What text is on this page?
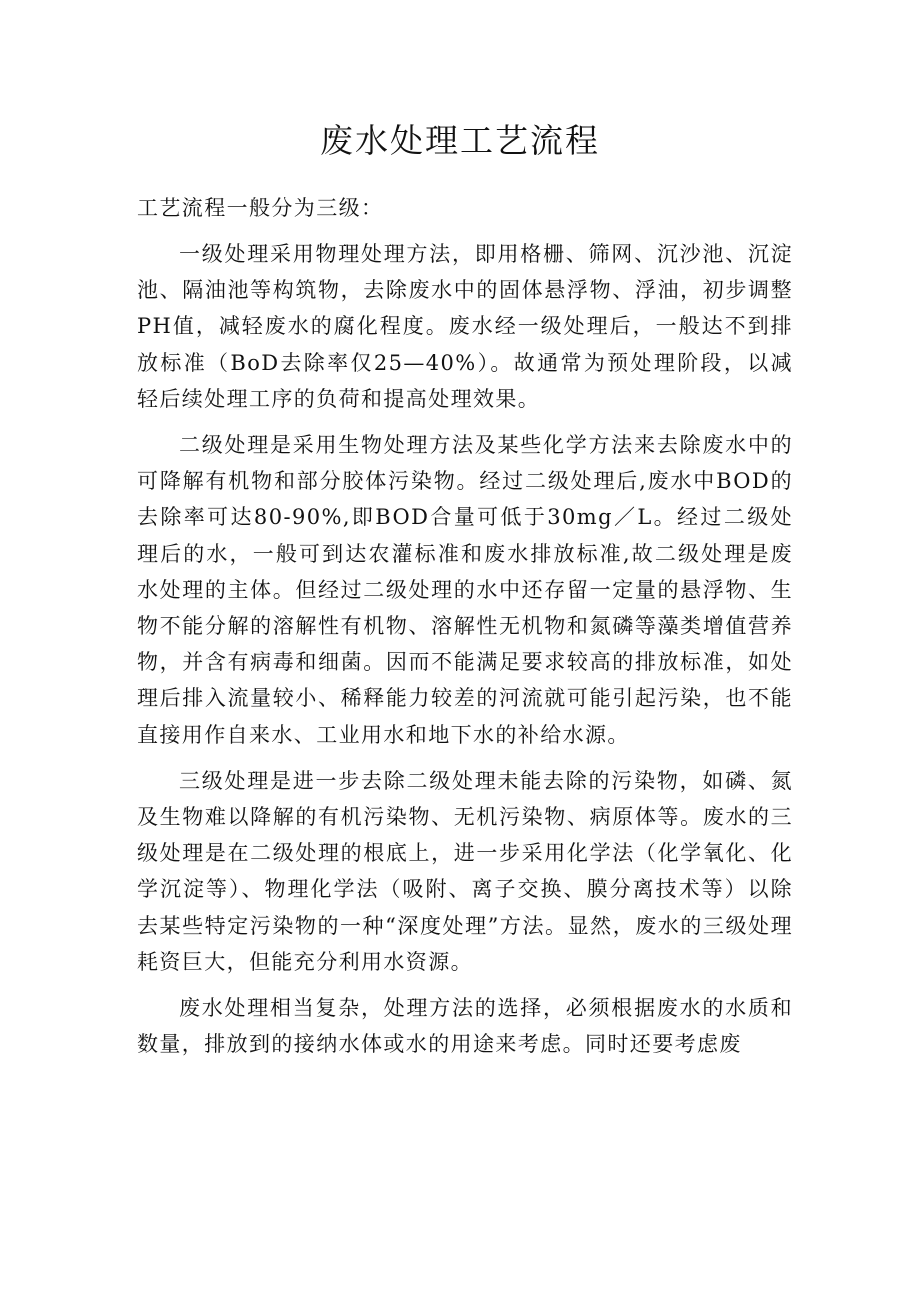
废水处理工艺流程

工艺流程一般分为三级：

一级处理采用物理处理方法，即用格栅、筛网、沉沙池、沉淀池、隔油池等构筑物，去除废水中的固体悬浮物、浮油，初步调整PH值，减轻废水的腐化程度。废水经一级处理后，一般达不到排放标准（BoD去除率仅25—40%）。故通常为预处理阶段，以减轻后续处理工序的负荷和提高处理效果。

二级处理是采用生物处理方法及某些化学方法来去除废水中的可降解有机物和部分胶体污染物。经过二级处理后,废水中BOD的去除率可达80-90%,即BOD合量可低于30mg／L。经过二级处理后的水，一般可到达农灌标准和废水排放标准,故二级处理是废水处理的主体。但经过二级处理的水中还存留一定量的悬浮物、生物不能分解的溶解性有机物、溶解性无机物和氮磷等藻类增值营养物，并含有病毒和细菌。因而不能满足要求较高的排放标准，如处理后排入流量较小、稀释能力较差的河流就可能引起污染，也不能直接用作自来水、工业用水和地下水的补给水源。

三级处理是进一步去除二级处理未能去除的污染物，如磷、氮及生物难以降解的有机污染物、无机污染物、病原体等。废水的三级处理是在二级处理的根底上，进一步采用化学法（化学氧化、化学沉淀等）、物理化学法（吸附、离子交换、膜分离技术等）以除去某些特定污染物的一种“深度处理”方法。显然，废水的三级处理耗资巨大，但能充分利用水资源。

废水处理相当复杂，处理方法的选择，必须根据废水的水质和数量，排放到的接纳水体或水的用途来考虑。同时还要考虑废
